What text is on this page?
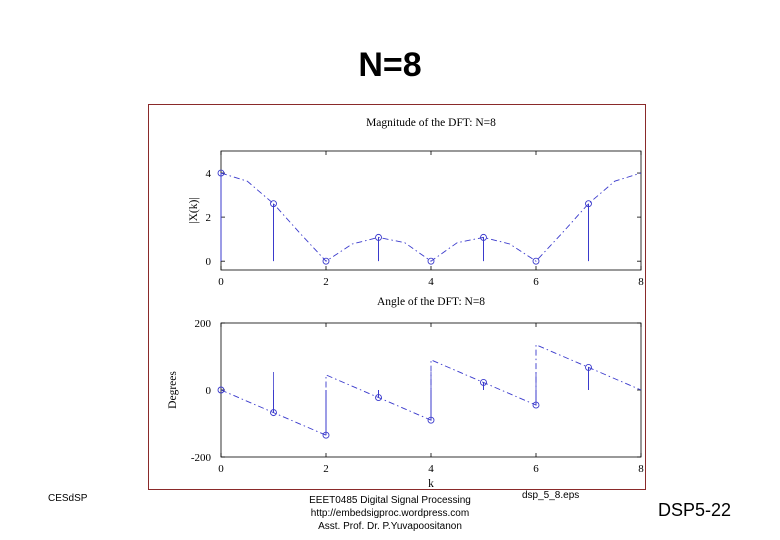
N=8
Magnitude of the DFT: N=8
0	2	4	6	8
0
2
4
|X(k)|
Angle of the DFT: N=8
0	2	4	6	8
-200
0
200
Degrees
k
CESdSP	EEET0485 Digital Signal Processing
http://embedsigproc.wordpress.com
Asst. Prof. Dr. P.Yuvapoositanon
dsp_5_8.eps
DSP5-22
